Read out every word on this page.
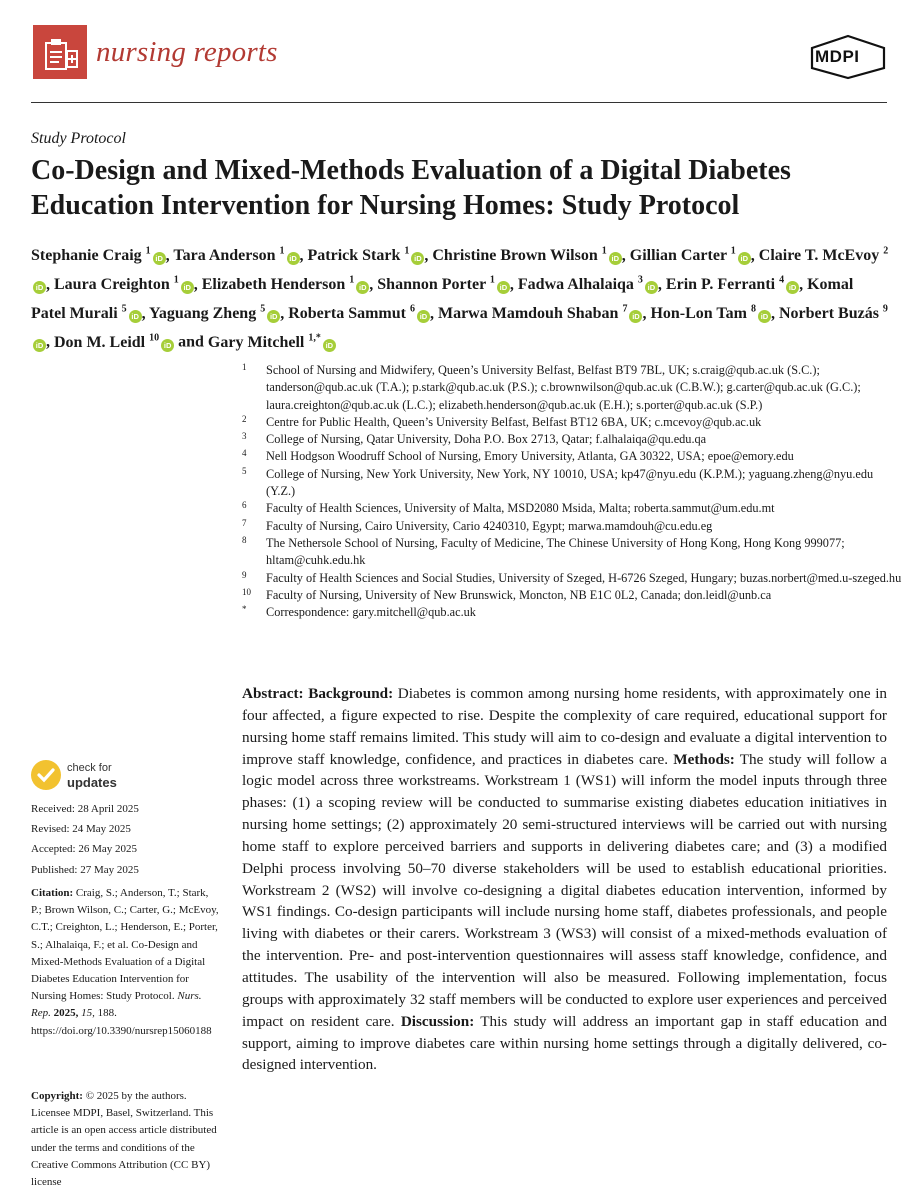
nursing reports	MDPI
Study Protocol
Co-Design and Mixed-Methods Evaluation of a Digital Diabetes Education Intervention for Nursing Homes: Study Protocol
Stephanie Craig $^1$iD , Tara Anderson $^1$iD , Patrick Stark $^1$iD , Christine Brown Wilson $^1$iD , Gillian Carter $^1$iD , Claire T. McEvoy $^2$iD , Laura Creighton $^1$iD , Elizabeth Henderson $^1$iD , Shannon Porter $^1$iD , Fadwa Alhalaiqa $^3$iD , Erin P. Ferranti $^4$iD , Komal Patel Murali $^5$iD , Yaguang Zheng $^5$iD , Roberta Sammut $^6$iD , Marwa Mamdouh Shaban $^7$iD , Hon-Lon Tam $^8$iD , Norbert Buzás $^9$iD , Don M. Leidl $^{10}$iD and Gary Mitchell $^{1,*}$iD

1 School of Nursing and Midwifery, Queen’s University Belfast, Belfast BT9 7BL, UK; s.craig@qub.ac.uk (S.C.); tanderson@qub.ac.uk (T.A.); p.stark@qub.ac.uk (P.S.); c.brownwilson@qub.ac.uk (C.B.W.); g.carter@qub.ac.uk (G.C.); laura.creighton@qub.ac.uk (L.C.); elizabeth.henderson@qub.ac.uk (E.H.); s.porter@qub.ac.uk (S.P.)

2 Centre for Public Health, Queen’s University Belfast, Belfast BT12 6BA, UK; c.mcevoy@qub.ac.uk

3 College of Nursing, Qatar University, Doha P.O. Box 2713, Qatar; f.alhalaiqa@qu.edu.qa

4 Nell Hodgson Woodruff School of Nursing, Emory University, Atlanta, GA 30322, USA; epoe@emory.edu

5 College of Nursing, New York University, New York, NY 10010, USA; kp47@nyu.edu (K.P.M.); yaguang.zheng@nyu.edu (Y.Z.)

6 Faculty of Health Sciences, University of Malta, MSD2080 Msida, Malta; roberta.sammut@um.edu.mt

7 Faculty of Nursing, Cairo University, Cario 4240310, Egypt; marwa.mamdouh@cu.edu.eg

8 The Nethersole School of Nursing, Faculty of Medicine, The Chinese University of Hong Kong, Hong Kong 999077; hltam@cuhk.edu.hk

9 Faculty of Health Sciences and Social Studies, University of Szeged, H-6726 Szeged, Hungary; buzas.norbert@med.u-szeged.hu

10 Faculty of Nursing, University of New Brunswick, Moncton, NB E1C 0L2, Canada; don.leidl@unb.ca

* Correspondence: gary.mitchell@qub.ac.uk

Abstract: Background: Diabetes is common among nursing home residents, with approximately one in four affected, a figure expected to rise. Despite the complexity of care required, educational support for nursing home staff remains limited. This study will aim to co-design and evaluate a digital intervention to improve staff knowledge, confidence, and practices in diabetes care. Methods: The study will follow a logic model across three workstreams. Workstream 1 (WS1) will inform the model inputs through three phases: (1) a scoping review will be conducted to summarise existing diabetes education initiatives in nursing home settings; (2) approximately 20 semi-structured interviews will be carried out with nursing home staff to explore perceived barriers and supports in delivering diabetes care; and (3) a modified Delphi process involving 50–70 diverse stakeholders will be used to establish educational priorities. Workstream 2 (WS2) will involve co-designing a digital diabetes education intervention, informed by WS1 findings. Co-design participants will include nursing home staff, diabetes professionals, and people living with diabetes or their carers. Workstream 3 (WS3) will consist of a mixed-methods evaluation of the intervention. Pre- and post-intervention questionnaires will assess staff knowledge, confidence, and attitudes. The usability of the intervention will also be measured. Following implementation, focus groups with approximately 32 staff members will be conducted to explore user experiences and perceived impact on resident care. Discussion: This study will address an important gap in staff education and support, aiming to improve diabetes care within nursing home settings through a digitally delivered, co-designed intervention.

check for
updates
Received: 28 April 2025
Revised: 24 May 2025
Accepted: 26 May 2025
Published: 27 May 2025
Citation: Craig, S.; Anderson, T.; Stark, P.; Brown Wilson, C.; Carter, G.; McEvoy, C.T.; Creighton, L.; Henderson, E.; Porter, S.; Alhalaiqa, F.; et al. Co-Design and Mixed-Methods Evaluation of a Digital Diabetes Education Intervention for Nursing Homes: Study Protocol. Nurs. Rep. 2025, 15, 188. https://doi.org/10.3390/nursrep15060188
Copyright: © 2025 by the authors. Licensee MDPI, Basel, Switzerland. This article is an open access article distributed under the terms and conditions of the Creative Commons Attribution (CC BY) license
